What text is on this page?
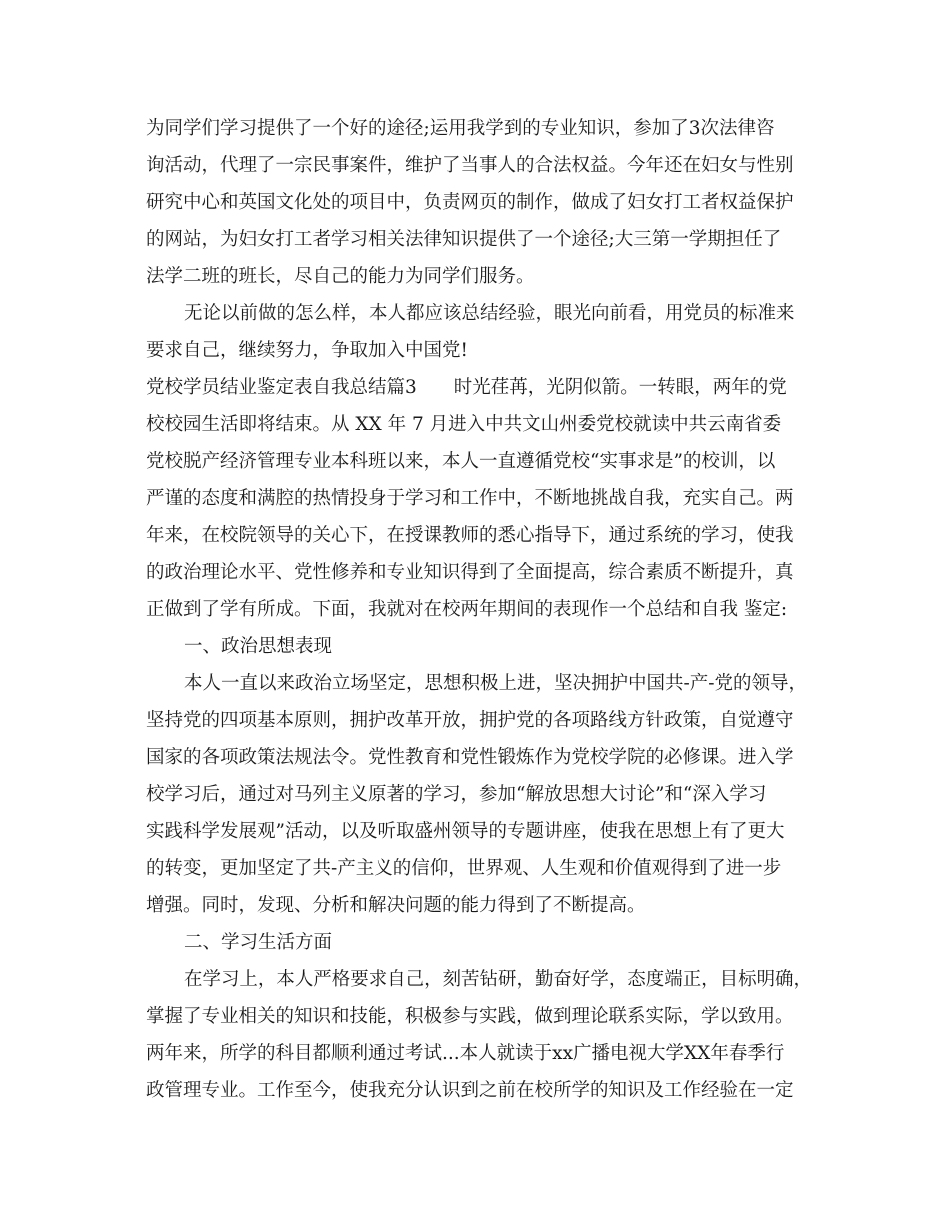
为同学们学习提供了一个好的途径;运用我学到的专业知识，参加了3次法律咨
询活动，代理了一宗民事案件，维护了当事人的合法权益。今年还在妇女与性别
研究中心和英国文化处的项目中，负责网页的制作，做成了妇女打工者权益保护
的网站，为妇女打工者学习相关法律知识提供了一个途径;大三第一学期担任了
法学二班的班长，尽自己的能力为同学们服务。
无论以前做的怎么样，本人都应该总结经验，眼光向前看，用党员的标准来
要求自己，继续努力，争取加入中国党!
党校学员结业鉴定表自我总结篇3　　时光荏苒，光阴似箭。一转眼，两年的党
校校园生活即将结束。从 XX 年 7 月进入中共文山州委党校就读中共云南省委
党校脱产经济管理专业本科班以来，本人一直遵循党校“实事求是”的校训，以
严谨的态度和满腔的热情投身于学习和工作中，不断地挑战自我，充实自己。两
年来，在校院领导的关心下，在授课教师的悉心指导下，通过系统的学习，使我
的政治理论水平、党性修养和专业知识得到了全面提高，综合素质不断提升，真
正做到了学有所成。下面，我就对在校两年期间的表现作一个总结和自我 鉴定:
一、政治思想表现
本人一直以来政治立场坚定，思想积极上进，坚决拥护中国共-产-党的领导，
坚持党的四项基本原则，拥护改革开放，拥护党的各项路线方针政策，自觉遵守
国家的各项政策法规法令。党性教育和党性锻炼作为党校学院的必修课。进入学
校学习后，通过对马列主义原著的学习，参加“解放思想大讨论”和“深入学习
实践科学发展观”活动，以及听取盛州领导的专题讲座，使我在思想上有了更大
的转变，更加坚定了共-产主义的信仰，世界观、人生观和价值观得到了进一步
增强。同时，发现、分析和解决问题的能力得到了不断提高。
二、学习生活方面
在学习上，本人严格要求自己，刻苦钻研，勤奋好学，态度端正，目标明确，
掌握了专业相关的知识和技能，积极参与实践，做到理论联系实际，学以致用。
两年来，所学的科目都顺利通过考试...本人就读于xx广播电视大学XX年春季行
政管理专业。工作至今，使我充分认识到之前在校所学的知识及工作经验在一定
